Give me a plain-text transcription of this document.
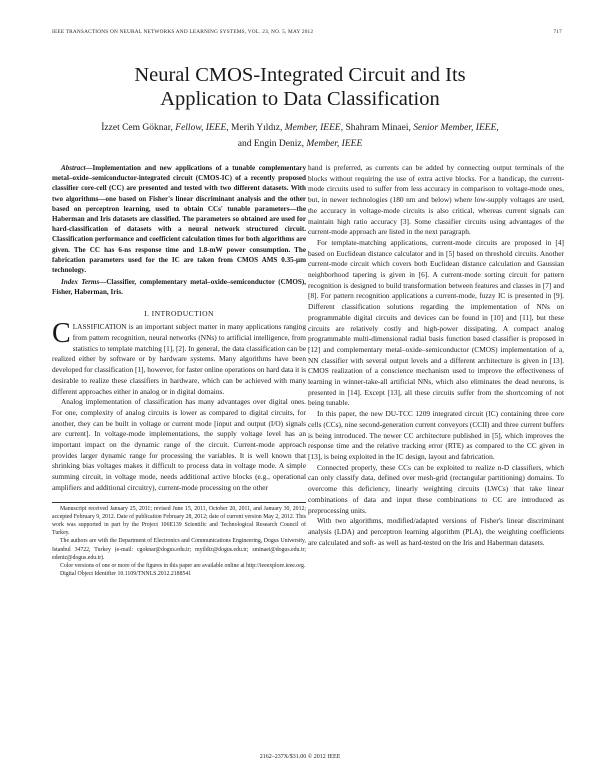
IEEE TRANSACTIONS ON NEURAL NETWORKS AND LEARNING SYSTEMS, VOL. 23, NO. 5, MAY 2012	717
Neural CMOS-Integrated Circuit and Its
Application to Data Classification
İzzet Cem Göknar, Fellow, IEEE, Merih Yıldız, Member, IEEE, Shahram Minaei, Senior Member, IEEE,
and Engin Deniz, Member, IEEE

Abstract—Implementation and new applications of a tunable complementary metal–oxide–semiconductor-integrated circuit (CMOS-IC) of a recently proposed classifier core-cell (CC) are presented and tested with two different datasets. With two algorithms—one based on Fisher's linear discriminant analysis and the other based on perceptron learning, used to obtain CCs' tunable parameters—the Haberman and Iris datasets are classified. The parameters so obtained are used for hard-classification of datasets with a neural network structured circuit. Classification performance and coefficient calculation times for both algorithms are given. The CC has 6-ns response time and 1.8-mW power consumption. The fabrication parameters used for the IC are taken from CMOS AMS 0.35-μm technology.

Index Terms—Classifier, complementary metal–oxide–semiconductor (CMOS), Fisher, Haberman, Iris.

I. INTRODUCTION

CLASSIFICATION is an important subject matter in many applications ranging from pattern recognition, neural networks (NNs) to artificial intelligence, from statistics to template matching [1], [2]. In general, the data classification can be realized either by software or by hardware systems. Many algorithms have been developed for classification [1], however, for faster online operations on hard data it is desirable to realize these classifiers in hardware, which can be achieved with many different approaches either in analog or in digital domains.

Analog implementation of classification has many advantages over digital ones. For one, complexity of analog circuits is lower as compared to digital circuits, for another, they can be built in voltage or current mode [input and output (I/O) signals are current]. In voltage-mode implementations, the supply voltage level has an important impact on the dynamic range of the circuit. Current-mode approach provides larger dynamic range for processing the variables. It is well known that shrinking bias voltages makes it difficult to process data in voltage mode. A simple summing circuit, in voltage mode, needs additional active blocks (e.g., operational amplifiers and additional circuitry), current-mode processing on the other

Manuscript received January 25, 2011; revised June 15, 2011, October 20, 2011, and January 30, 2012; accepted February 9, 2012. Date of publication February 28, 2012; date of current version May 2, 2012. This work was supported in part by the Project 106E139 Scientific and Technological Research Council of Turkey.

The authors are with the Department of Electronics and Communications Engineering, Dogus University, Istanbul 34722, Turkey (e-mail: cgoknar@dogus.edu.tr; myildiz@dogus.edu.tr; sminaei@dogus.edu.tr; edeniz@dogus.edu.tr).

Color versions of one or more of the figures in this paper are available online at http://ieeexplore.ieee.org.

Digital Object Identifier 10.1109/TNNLS.2012.2188541

hand is preferred, as currents can be added by connecting output terminals of the blocks without requiring the use of extra active blocks. For a handicap, the current-mode circuits used to suffer from less accuracy in comparison to voltage-mode ones, but, in newer technologies (180 nm and below) where low-supply voltages are used, the accuracy in voltage-mode circuits is also critical, whereas current signals can maintain high ratio accuracy [3]. Some classifier circuits using advantages of the current-mode approach are listed in the next paragraph.

For template-matching applications, current-mode circuits are proposed in [4] based on Euclidean distance calculator and in [5] based on threshold circuits. Another current-mode circuit which covers both Euclidean distance calculation and Gaussian neighborhood tapering is given in [6]. A current-mode sorting circuit for pattern recognition is designed to build transformation between features and classes in [7] and [8]. For pattern recognition applications a current-mode, fuzzy IC is presented in [9]. Different classification solutions regarding the implementation of NNs on programmable digital circuits and devices can be found in [10] and [11], but these circuits are relatively costly and high-power dissipating. A compact analog programmable multi-dimensional radial basis function based classifier is proposed in [12] and complementary metal–oxide–semiconductor (CMOS) implementation of a, NN classifier with several output levels and a different architecture is given in [13]. CMOS realization of a conscience mechanism used to improve the effectiveness of learning in winner-take-all artificial NNs, which also eliminates the dead neurons, is presented in [14]. Except [13], all these circuits suffer from the shortcoming of not being tunable.

In this paper, the new DU-TCC 1209 integrated circuit (IC) containing three core cells (CCs), nine second-generation current conveyors (CCII) and three current buffers is being introduced. The newer CC architecture published in [5], which improves the response time and the relative tracking error (RTE) as compared to the CC given in [13], is being exploited in the IC design, layout and fabrication.

Connected properly, these CCs can be exploited to realize n-D classifiers, which can only classify data, defined over mesh-grid (rectangular partitioning) domains. To overcome this deficiency, linearly weighting circuits (LWCs) that take linear combinations of data and input these combinations to CC are introduced as preprocessing units.

With two algorithms, modified/adapted versions of Fisher's linear discriminant analysis (LDA) and perceptron learning algorithm (PLA), the weighting coefficients are calculated and soft- as well as hard-tested on the Iris and Haberman datasets.

2162–237X/$31.00 © 2012 IEEE
